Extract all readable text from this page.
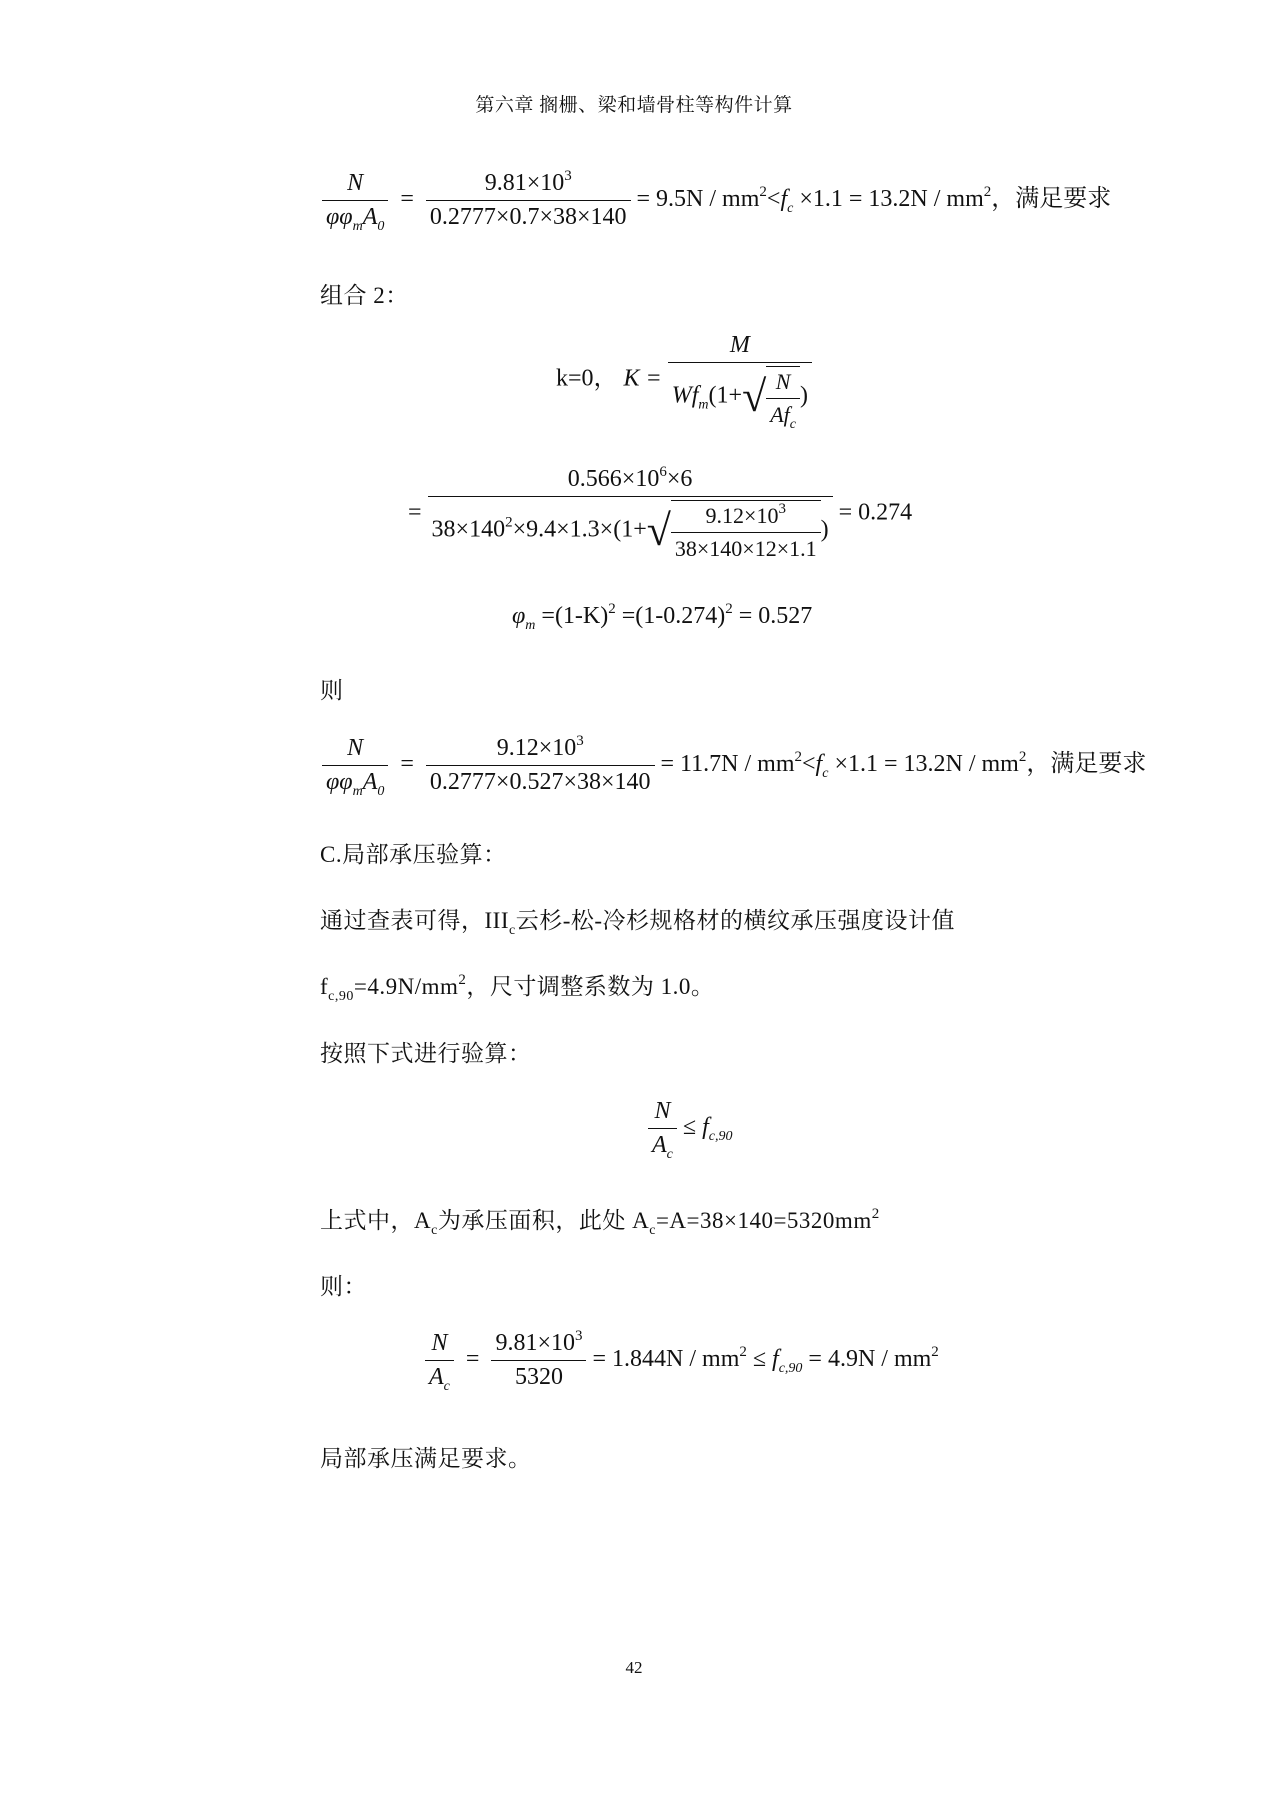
第六章 搁栅、梁和墙骨柱等构件计算
$\frac{N}{\varphi\varphi_mA_0} = \frac{9.81\times 10^3}{0.2777\times 0.7\times 38\times 140} = 9.5N / mm^2<f_c \times 1.1 = 13.2N / mm^2$，满足要求
组合 2：
k=0， $K = \frac{M}{Wf_m(1+√ \frac{N}{Af_c} )}$
= $\frac{0.566\times 10^6\times 6}{38\times 140^2\times 9.4\times 1.3\times(1+√ \frac{9.12\times 10^3}{38\times 140\times 12\times 1.1} )} = 0.274$
$\varphi_m =(1-K)^2 =(1-0.274)^2 = 0.527$
则
$\frac{N}{\varphi\varphi_mA_0} = \frac{9.12\times 10^3}{0.2777\times 0.527\times 38\times 140} = 11.7N / mm^2<f_c \times 1.1 = 13.2N / mm^2$，满足要求
C.局部承压验算：
通过查表可得，$III_c$云杉-松-冷杉规格材的横纹承压强度设计值
$f_{c,90}=4.9N/mm^2$，尺寸调整系数为 1.0。
按照下式进行验算：
$\frac{N}{A_c} \le f_{c,90}$
上式中，$A_c$为承压面积，此处 $A_c=A=38\times 140=5320mm^2$
则：
$\frac{N}{A_c} = \frac{9.81\times 10^3}{5320} = 1.844N / mm^2 \le f_{c,90} = 4.9N / mm^2$
局部承压满足要求。
42
